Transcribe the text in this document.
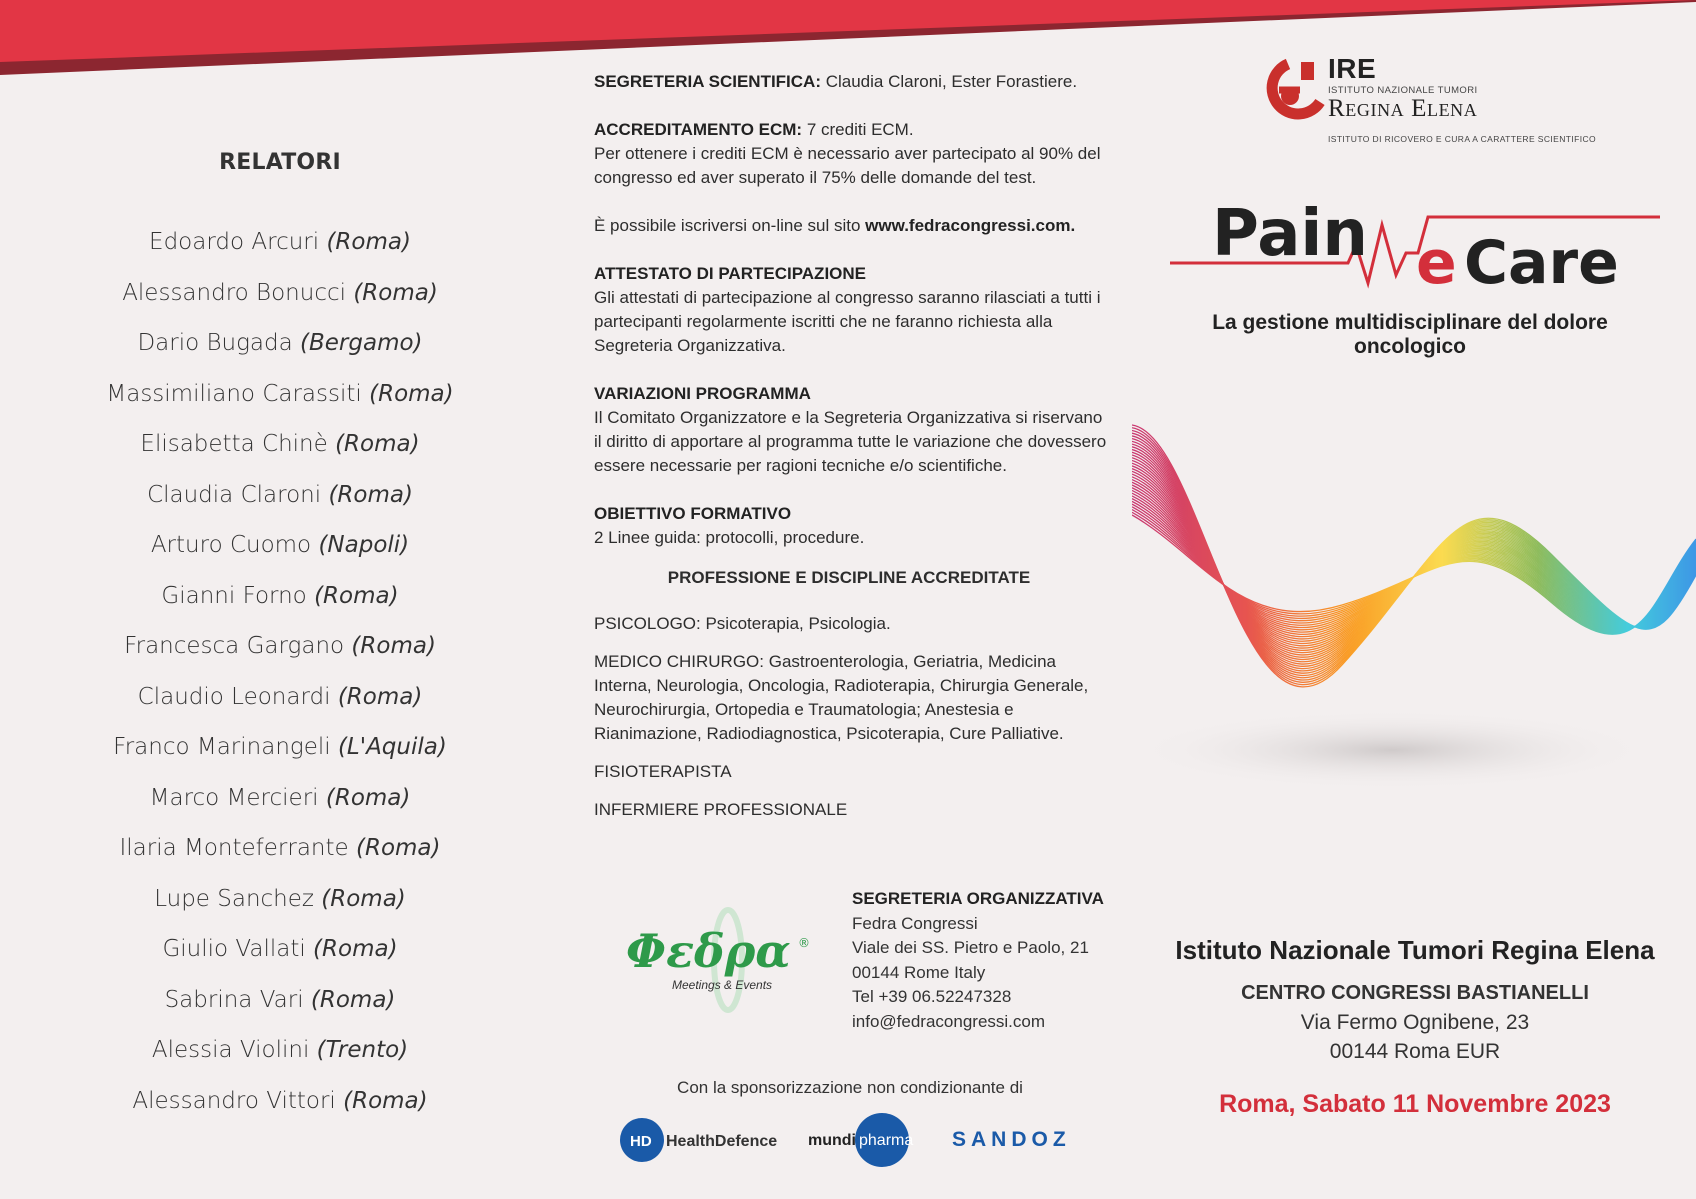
RELATORI
Edoardo Arcuri (Roma)
Alessandro Bonucci (Roma)
Dario Bugada (Bergamo)
Massimiliano Carassiti (Roma)
Elisabetta Chinè (Roma)
Claudia Claroni (Roma)
Arturo Cuomo (Napoli)
Gianni Forno (Roma)
Francesca Gargano (Roma)
Claudio Leonardi (Roma)
Franco Marinangeli (L'Aquila)
Marco Mercieri (Roma)
Ilaria Monteferrante (Roma)
Lupe Sanchez (Roma)
Giulio Vallati (Roma)
Sabrina Vari (Roma)
Alessia Violini (Trento)
Alessandro Vittori (Roma)

SEGRETERIA SCIENTIFICA: Claudia Claroni, Ester Forastiere.

ACCREDITAMENTO ECM: 7 crediti ECM.

Per ottenere i crediti ECM è necessario aver partecipato al 90% del congresso ed aver superato il 75% delle domande del test.

È possibile iscriversi on-line sul sito www.fedracongressi.com.

ATTESTATO DI PARTECIPAZIONE

Gli attestati di partecipazione al congresso saranno rilasciati a tutti i partecipanti regolarmente iscritti che ne faranno richiesta alla Segreteria Organizzativa.

VARIAZIONI PROGRAMMA

Il Comitato Organizzatore e la Segreteria Organizzativa si riservano il diritto di apportare al programma tutte le variazione che dovessero essere necessarie per ragioni tecniche e/o scientifiche.

OBIETTIVO FORMATIVO

2 Linee guida: protocolli, procedure.

PROFESSIONE E DISCIPLINE ACCREDITATE

PSICOLOGO: Psicoterapia, Psicologia.

MEDICO CHIRURGO: Gastroenterologia, Geriatria, Medicina Interna, Neurologia, Oncologia, Radioterapia, Chirurgia Generale, Neurochirurgia, Ortopedia e Traumatologia; Anestesia e Rianimazione, Radiodiagnostica, Psicoterapia, Cure Palliative.

FISIOTERAPISTA

INFERMIERE PROFESSIONALE

Φεδρα ®
Meetings & Events
SEGRETERIA ORGANIZZATIVA
Fedra Congressi
Viale dei SS. Pietro e Paolo, 21
00144 Rome Italy
Tel +39 06.52247328
info@fedracongressi.com
Con la sponsorizzazione non condizionante di
HD HealthDefence mundi pharma SANDOZ
IRE
ISTITUTO NAZIONALE TUMORI
Regina Elena
ISTITUTO DI RICOVERO E CURA A CARATTERE SCIENTIFICO
Pain e Care
La gestione multidisciplinare del dolore oncologico
Istituto Nazionale Tumori Regina Elena
CENTRO CONGRESSI BASTIANELLI
Via Fermo Ognibene, 23
00144 Roma EUR
Roma, Sabato 11 Novembre 2023
